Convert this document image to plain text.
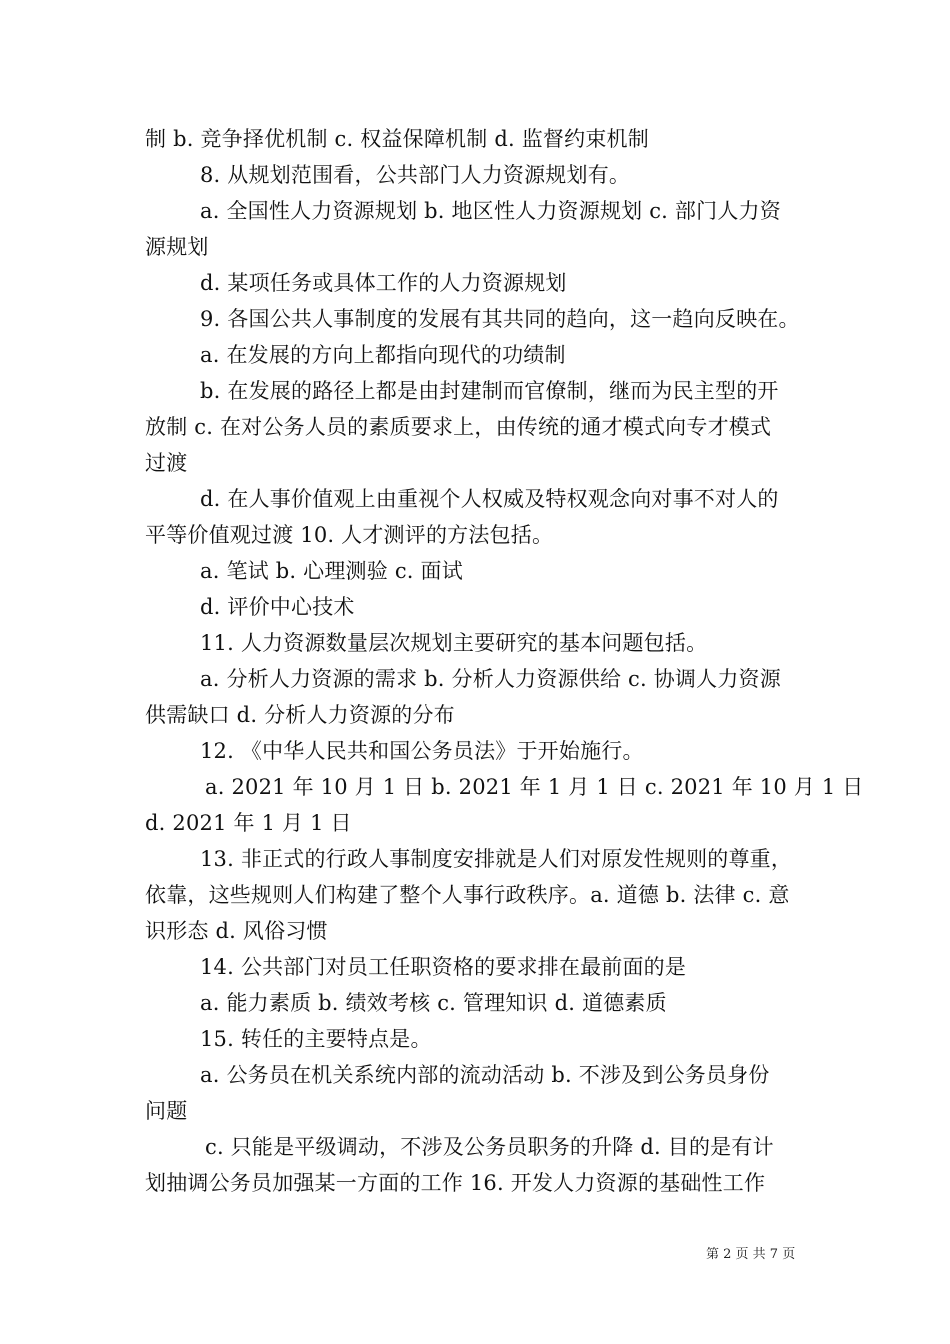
制 b. 竞争择优机制 c. 权益保障机制 d. 监督约束机制
8. 从规划范围看，公共部门人力资源规划有。
a. 全国性人力资源规划 b. 地区性人力资源规划 c. 部门人力资
源规划
d. 某项任务或具体工作的人力资源规划
9. 各国公共人事制度的发展有其共同的趋向，这一趋向反映在。
a. 在发展的方向上都指向现代的功绩制
b. 在发展的路径上都是由封建制而官僚制，继而为民主型的开
放制 c. 在对公务人员的素质要求上，由传统的通才模式向专才模式
过渡
d. 在人事价值观上由重视个人权威及特权观念向对事不对人的
平等价值观过渡 10. 人才测评的方法包括。
a. 笔试 b. 心理测验 c. 面试
d. 评价中心技术
11. 人力资源数量层次规划主要研究的基本问题包括。
a. 分析人力资源的需求 b. 分析人力资源供给 c. 协调人力资源
供需缺口 d. 分析人力资源的分布
12. 《中华人民共和国公务员法》于开始施行。
a. 2021 年 10 月 1 日 b. 2021 年 1 月 1 日 c. 2021 年 10 月 1 日
d. 2021 年 1 月 1 日
13. 非正式的行政人事制度安排就是人们对原发性规则的尊重，
依靠，这些规则人们构建了整个人事行政秩序。a. 道德 b. 法律 c. 意
识形态 d. 风俗习惯
14. 公共部门对员工任职资格的要求排在最前面的是
a. 能力素质 b. 绩效考核 c. 管理知识 d. 道德素质
15. 转任的主要特点是。
a. 公务员在机关系统内部的流动活动 b. 不涉及到公务员身份
问题
c. 只能是平级调动，不涉及公务员职务的升降 d. 目的是有计
划抽调公务员加强某一方面的工作 16. 开发人力资源的基础性工作
第 2 页 共 7 页
